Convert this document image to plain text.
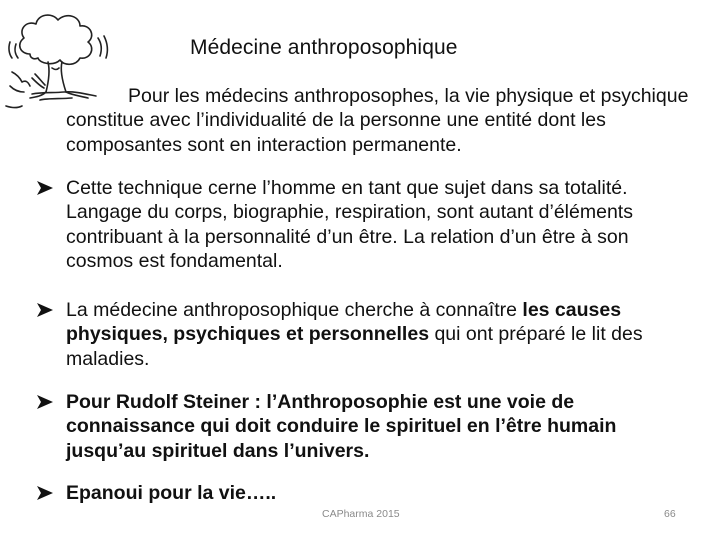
Médecine anthroposophique

Pour les médecins anthroposophes, la vie physique et psychique constitue avec l’individualité de la personne une entité dont les composantes sont en interaction permanente.

Cette technique cerne l’homme en tant que sujet dans sa totalité. Langage du corps, biographie, respiration, sont autant d’éléments contribuant à la personnalité d’un être. La relation d’un être à son cosmos est fondamental.
La médecine anthroposophique cherche à connaître les causes physiques, psychiques et personnelles qui ont préparé le lit des maladies.
Pour Rudolf Steiner : l’Anthroposophie est une voie de connaissance qui doit conduire le spirituel en l’être humain jusqu’au spirituel dans l’univers.
Epanoui pour la vie…..
CAPharma 2015	66
